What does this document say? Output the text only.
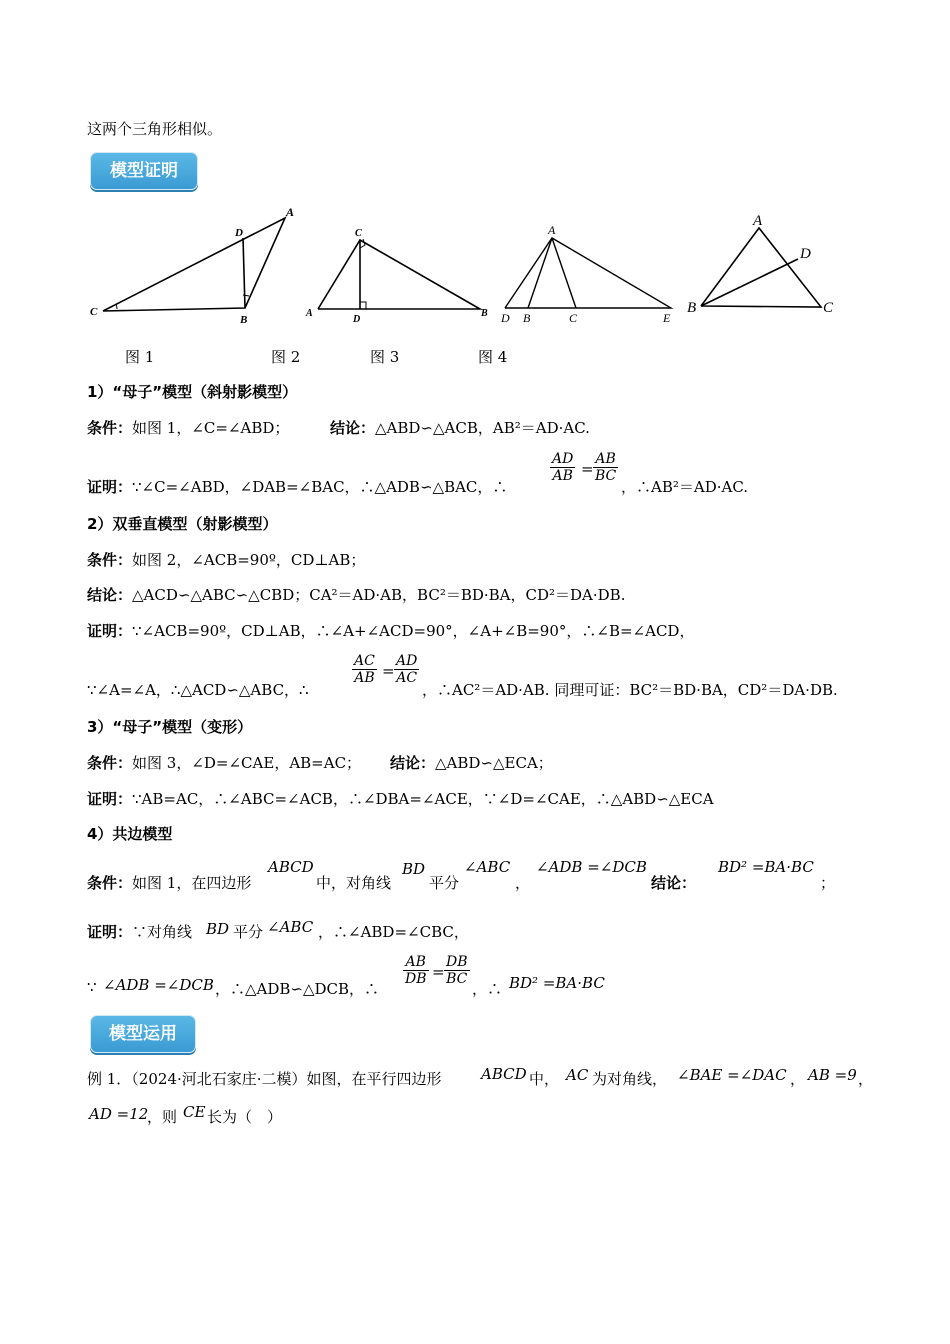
这两个三角形相似。
模型证明
A
D
C
B
C
A
D
B
A
D B	C	E
A
D
B	C
图 1	图 2	图 3	图 4
1）“母子”模型（斜射影模型）
条件：如图 1，∠C=∠ABD；	结论：△ABD∽△ACB，AB²＝AD·AC.
证明：∵∠C=∠ABD，∠DAB=∠BAC，∴△ADB∽△BAC，∴
$\frac{AD}{AB} = \frac{AB}{BC}$
，∴AB²＝AD·AC.
2）双垂直模型（射影模型）
条件：如图 2，∠ACB=90º，CD⊥AB；
结论：△ACD∽△ABC∽△CBD；CA²＝AD·AB，BC²＝BD·BA，CD²＝DA·DB.
证明：∵∠ACB=90º，CD⊥AB，∴∠A+∠ACD=90°，∠A+∠B=90°，∴∠B=∠ACD，
∵∠A=∠A，∴△ACD∽△ABC，∴
$\frac{AC}{AB} = \frac{AD}{AC}$
，∴AC²＝AD·AB. 同理可证：BC²＝BD·BA，CD²＝DA·DB.
3）“母子”模型（变形）
条件：如图 3，∠D=∠CAE，AB=AC； 结论：△ABD∽△ECA；
证明：∵AB=AC，∴∠ABC=∠ACB，∴∠DBA=∠ACE，∵∠D=∠CAE，∴△ABD∽△ECA
4）共边模型
条件：如图 1，在四边形
ABCD
中，对角线
BD
平分
∠ABC
，
∠ADB =∠DCB
结论：
BD² =BA·BC
；
证明：∵对角线 BD 平分 ∠ABC ，∴∠ABD=∠CBC，
∵ ∠ADB =∠DCB ，∴△ADB∽△DCB，∴
$\frac{AB}{DB} = \frac{DB}{BC}$
，∴ BD² =BA·BC
模型运用
例 1．（2024·河北石家庄·二模）如图，在平行四边形	ABCD 中， AC 为对角线， ∠BAE =∠DAC ， AB =9 ，
AD =12
，则 CE 长为（　）
